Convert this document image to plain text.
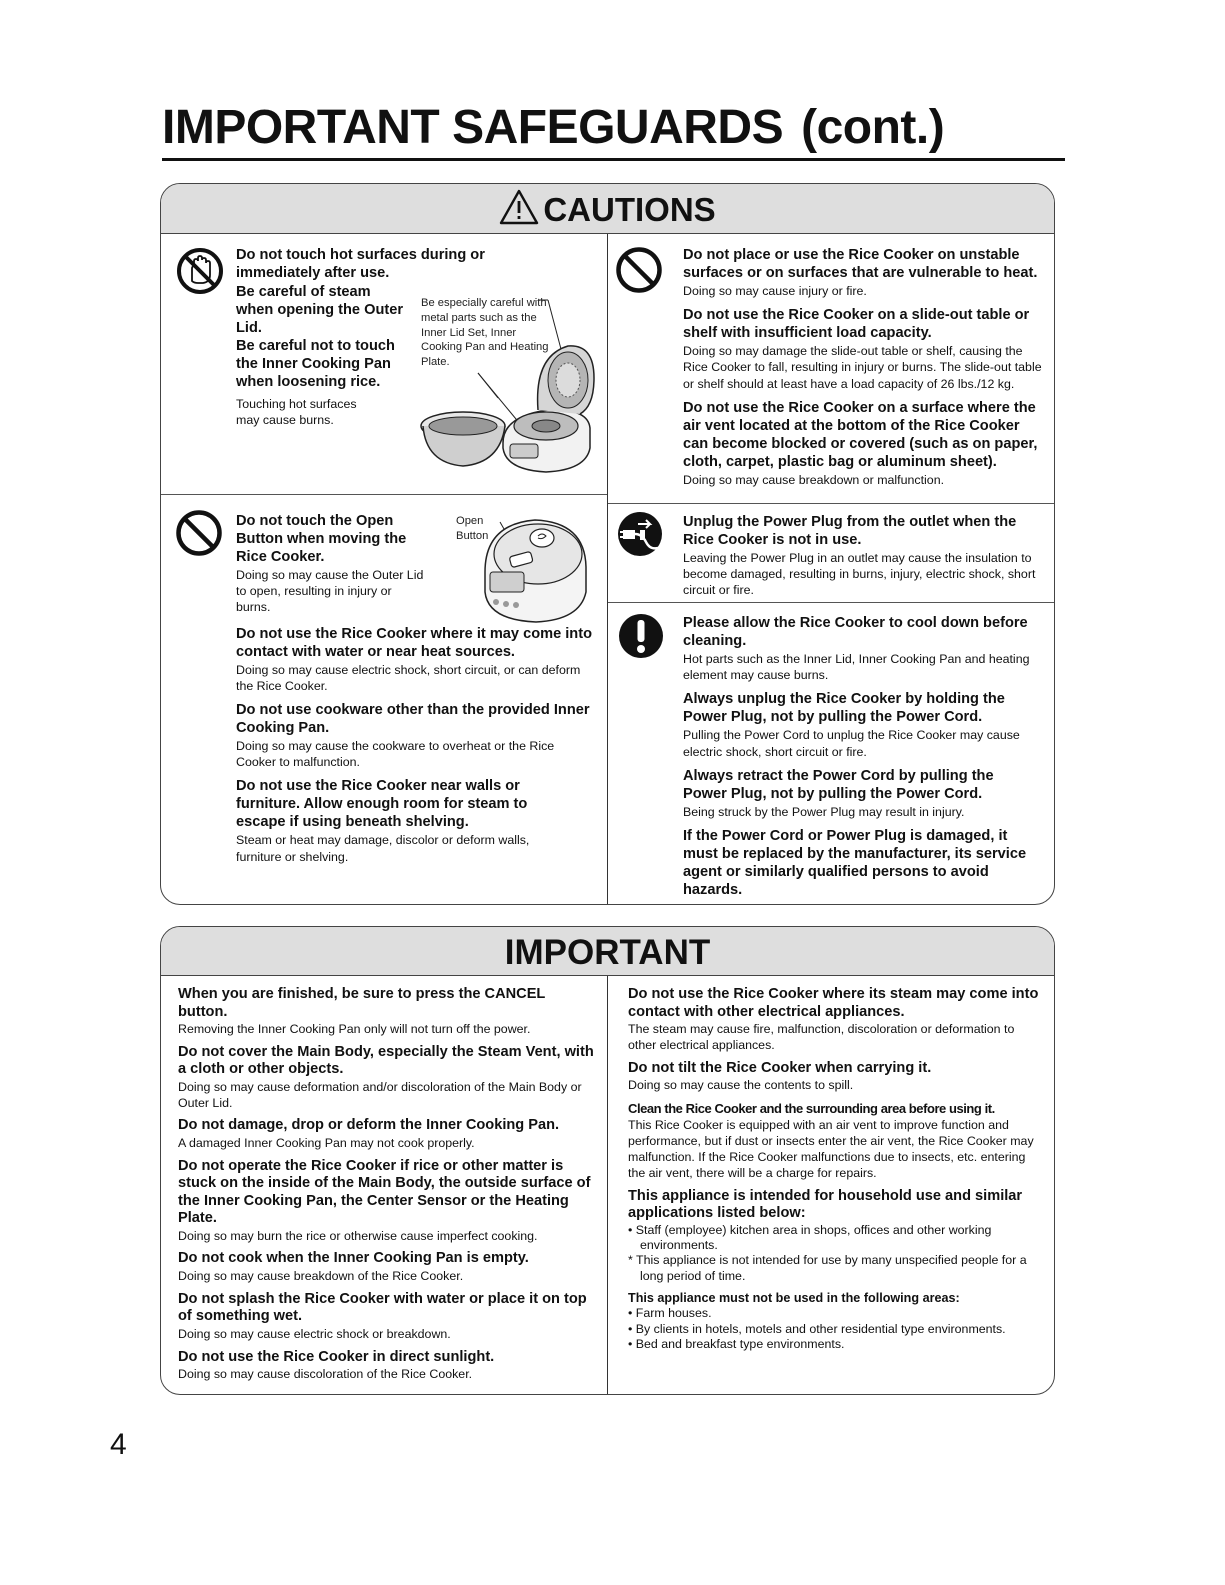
IMPORTANT SAFEGUARDS (cont.)
CAUTIONS

Do not touch hot surfaces during or immediately after use.

Be careful of steam when opening the Outer Lid.

Be careful not to touch the Inner Cooking Pan when loosening rice.

Touching hot surfaces may cause burns.

Be especially careful with metal parts such as the Inner Lid Set, Inner Cooking Pan and Heating Plate.

Do not touch the Open Button when moving the Rice Cooker.

Doing so may cause the Outer Lid to open, resulting in injury or burns.

Do not use the Rice Cooker where it may come into contact with water or near heat sources.

Doing so may cause electric shock, short circuit, or can deform the Rice Cooker.

Do not use cookware other than the provided Inner Cooking Pan.

Doing so may cause the cookware to overheat or the Rice Cooker to malfunction.

Do not use the Rice Cooker near walls or furniture. Allow enough room for steam to escape if using beneath shelving.

Steam or heat may damage, discolor or deform walls, furniture or shelving.

Open Button

Do not place or use the Rice Cooker on unstable surfaces or on surfaces that are vulnerable to heat.

Doing so may cause injury or fire.

Do not use the Rice Cooker on a slide-out table or shelf with insufficient load capacity.

Doing so may damage the slide-out table or shelf, causing the Rice Cooker to fall, resulting in injury or burns. The slide-out table or shelf should at least have a load capacity of 26 lbs./12 kg.

Do not use the Rice Cooker on a surface where the air vent located at the bottom of the Rice Cooker can become blocked or covered (such as on paper, cloth, carpet, plastic bag or aluminum sheet).

Doing so may cause breakdown or malfunction.

Unplug the Power Plug from the outlet when the Rice Cooker is not in use.

Leaving the Power Plug in an outlet may cause the insulation to become damaged, resulting in burns, injury, electric shock, short circuit or fire.

Please allow the Rice Cooker to cool down before cleaning.

Hot parts such as the Inner Lid, Inner Cooking Pan and heating element may cause burns.

Always unplug the Rice Cooker by holding the Power Plug, not by pulling the Power Cord.

Pulling the Power Cord to unplug the Rice Cooker may cause electric shock, short circuit or fire.

Always retract the Power Cord by pulling the Power Plug, not by pulling the Power Cord.

Being struck by the Power Plug may result in injury.

If the Power Cord or Power Plug is damaged, it must be replaced by the manufacturer, its service agent or similarly qualified persons to avoid hazards.

IMPORTANT

When you are finished, be sure to press the CANCEL button.

Removing the Inner Cooking Pan only will not turn off the power.

Do not cover the Main Body, especially the Steam Vent, with a cloth or other objects.

Doing so may cause deformation and/or discoloration of the Main Body or Outer Lid.

Do not damage, drop or deform the Inner Cooking Pan.

A damaged Inner Cooking Pan may not cook properly.

Do not operate the Rice Cooker if rice or other matter is stuck on the inside of the Main Body, the outside surface of the Inner Cooking Pan, the Center Sensor or the Heating Plate.

Doing so may burn the rice or otherwise cause imperfect cooking.

Do not cook when the Inner Cooking Pan is empty.

Doing so may cause breakdown of the Rice Cooker.

Do not splash the Rice Cooker with water or place it on top of something wet.

Doing so may cause electric shock or breakdown.

Do not use the Rice Cooker in direct sunlight.

Doing so may cause discoloration of the Rice Cooker.

Do not use the Rice Cooker where its steam may come into contact with other electrical appliances.

The steam may cause fire, malfunction, discoloration or deformation to other electrical appliances.

Do not tilt the Rice Cooker when carrying it.

Doing so may cause the contents to spill.

Clean the Rice Cooker and the surrounding area before using it.

This Rice Cooker is equipped with an air vent to improve function and performance, but if dust or insects enter the air vent, the Rice Cooker may malfunction. If the Rice Cooker malfunctions due to insects, etc. entering the air vent, there will be a charge for repairs.

This appliance is intended for household use and similar applications listed below:

• Staff (employee) kitchen area in shops, offices and other working environments.
* This appliance is not intended for use by many unspecified people for a long period of time.

This appliance must not be used in the following areas:

• Farm houses.
• By clients in hotels, motels and other residential type environments.
• Bed and breakfast type environments.
4
